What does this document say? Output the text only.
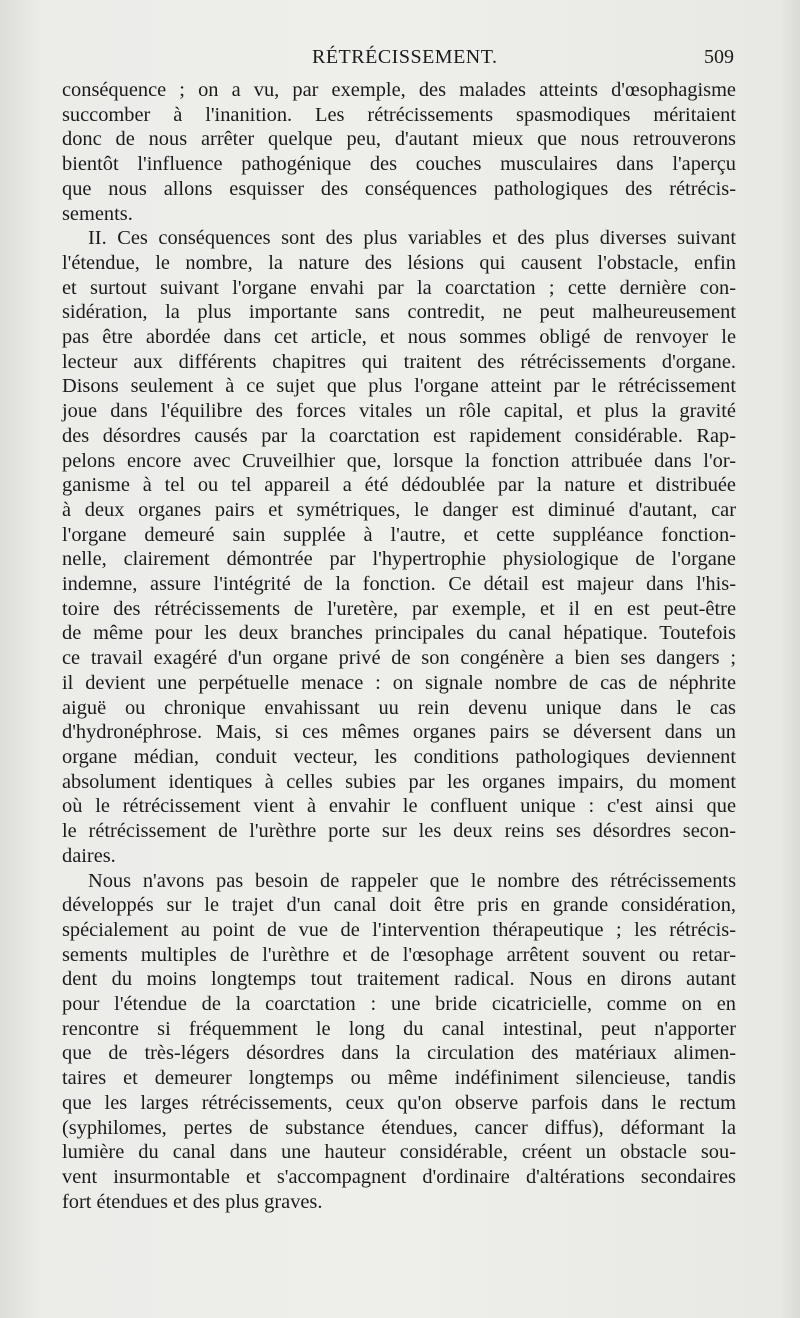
RÉTRÉCISSEMENT.	509
conséquence ; on a vu, par exemple, des malades atteints d'œsophagisme
succomber à l'inanition. Les rétrécissements spasmodiques méritaient
donc de nous arrêter quelque peu, d'autant mieux que nous retrouverons
bientôt l'influence pathogénique des couches musculaires dans l'aperçu
que nous allons esquisser des conséquences pathologiques des rétrécis-
sements.
II. Ces conséquences sont des plus variables et des plus diverses suivant
l'étendue, le nombre, la nature des lésions qui causent l'obstacle, enfin
et surtout suivant l'organe envahi par la coarctation ; cette dernière con-
sidération, la plus importante sans contredit, ne peut malheureusement
pas être abordée dans cet article, et nous sommes obligé de renvoyer le
lecteur aux différents chapitres qui traitent des rétrécissements d'organe.
Disons seulement à ce sujet que plus l'organe atteint par le rétrécissement
joue dans l'équilibre des forces vitales un rôle capital, et plus la gravité
des désordres causés par la coarctation est rapidement considérable. Rap-
pelons encore avec Cruveilhier que, lorsque la fonction attribuée dans l'or-
ganisme à tel ou tel appareil a été dédoublée par la nature et distribuée
à deux organes pairs et symétriques, le danger est diminué d'autant, car
l'organe demeuré sain supplée à l'autre, et cette suppléance fonction-
nelle, clairement démontrée par l'hypertrophie physiologique de l'organe
indemne, assure l'intégrité de la fonction. Ce détail est majeur dans l'his-
toire des rétrécissements de l'uretère, par exemple, et il en est peut-être
de même pour les deux branches principales du canal hépatique. Toutefois
ce travail exagéré d'un organe privé de son congénère a bien ses dangers ;
il devient une perpétuelle menace : on signale nombre de cas de néphrite
aiguë ou chronique envahissant uu rein devenu unique dans le cas
d'hydronéphrose. Mais, si ces mêmes organes pairs se déversent dans un
organe médian, conduit vecteur, les conditions pathologiques deviennent
absolument identiques à celles subies par les organes impairs, du moment
où le rétrécissement vient à envahir le confluent unique : c'est ainsi que
le rétrécissement de l'urèthre porte sur les deux reins ses désordres secon-
daires.
Nous n'avons pas besoin de rappeler que le nombre des rétrécissements
développés sur le trajet d'un canal doit être pris en grande considération,
spécialement au point de vue de l'intervention thérapeutique ; les rétrécis-
sements multiples de l'urèthre et de l'œsophage arrêtent souvent ou retar-
dent du moins longtemps tout traitement radical. Nous en dirons autant
pour l'étendue de la coarctation : une bride cicatricielle, comme on en
rencontre si fréquemment le long du canal intestinal, peut n'apporter
que de très-légers désordres dans la circulation des matériaux alimen-
taires et demeurer longtemps ou même indéfiniment silencieuse, tandis
que les larges rétrécissements, ceux qu'on observe parfois dans le rectum
(syphilomes, pertes de substance étendues, cancer diffus), déformant la
lumière du canal dans une hauteur considérable, créent un obstacle sou-
vent insurmontable et s'accompagnent d'ordinaire d'altérations secondaires
fort étendues et des plus graves.
